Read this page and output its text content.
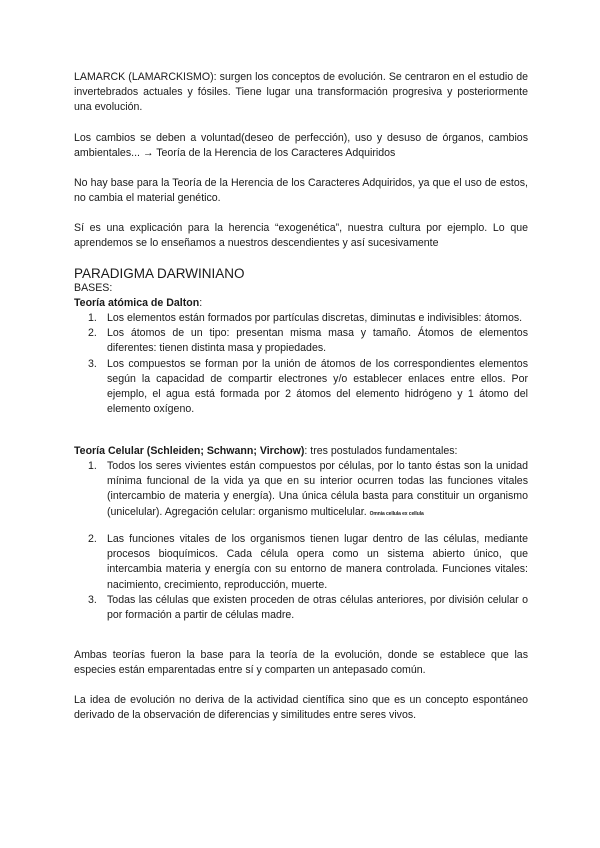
LAMARCK (LAMARCKISMO): surgen los conceptos de evolución. Se centraron en el estudio de invertebrados actuales y fósiles. Tiene lugar una transformación progresiva y posteriormente una evolución.

Los cambios se deben a voluntad(deseo de perfección), uso y desuso de órganos, cambios ambientales... → Teoría de la Herencia de los Caracteres Adquiridos

No hay base para la Teoría de la Herencia de los Caracteres Adquiridos, ya que el uso de estos, no cambia el material genético.

Sí es una explicación para la herencia “exogenética”, nuestra cultura por ejemplo. Lo que aprendemos se lo enseñamos a nuestros descendientes y así sucesivamente

PARADIGMA DARWINIANO

BASES:

Teoría atómica de Dalton:

1. Los elementos están formados por partículas discretas, diminutas e indivisibles: átomos.
2. Los átomos de un tipo: presentan misma masa y tamaño. Átomos de elementos diferentes: tienen distinta masa y propiedades.
3. Los compuestos se forman por la unión de átomos de los correspondientes elementos según la capacidad de compartir electrones y/o establecer enlaces entre ellos. Por ejemplo, el agua está formada por 2 átomos del elemento hidrógeno y 1 átomo del elemento oxígeno.

Teoría Celular (Schleiden; Schwann; Virchow): tres postulados fundamentales:

1. Todos los seres vivientes están compuestos por células, por lo tanto éstas son la unidad mínima funcional de la vida ya que en su interior ocurren todas las funciones vitales (intercambio de materia y energía). Una única célula basta para constituir un organismo (unicelular). Agregación celular: organismo multicelular. Omnia cellula ex cellula
2. Las funciones vitales de los organismos tienen lugar dentro de las células, mediante procesos bioquímicos. Cada célula opera como un sistema abierto único, que intercambia materia y energía con su entorno de manera controlada. Funciones vitales: nacimiento, crecimiento, reproducción, muerte.
3. Todas las células que existen proceden de otras células anteriores, por división celular o por formación a partir de células madre.

Ambas teorías fueron la base para la teoría de la evolución, donde se establece que las especies están emparentadas entre sí y comparten un antepasado común.

La idea de evolución no deriva de la actividad científica sino que es un concepto espontáneo derivado de la observación de diferencias y similitudes entre seres vivos.
